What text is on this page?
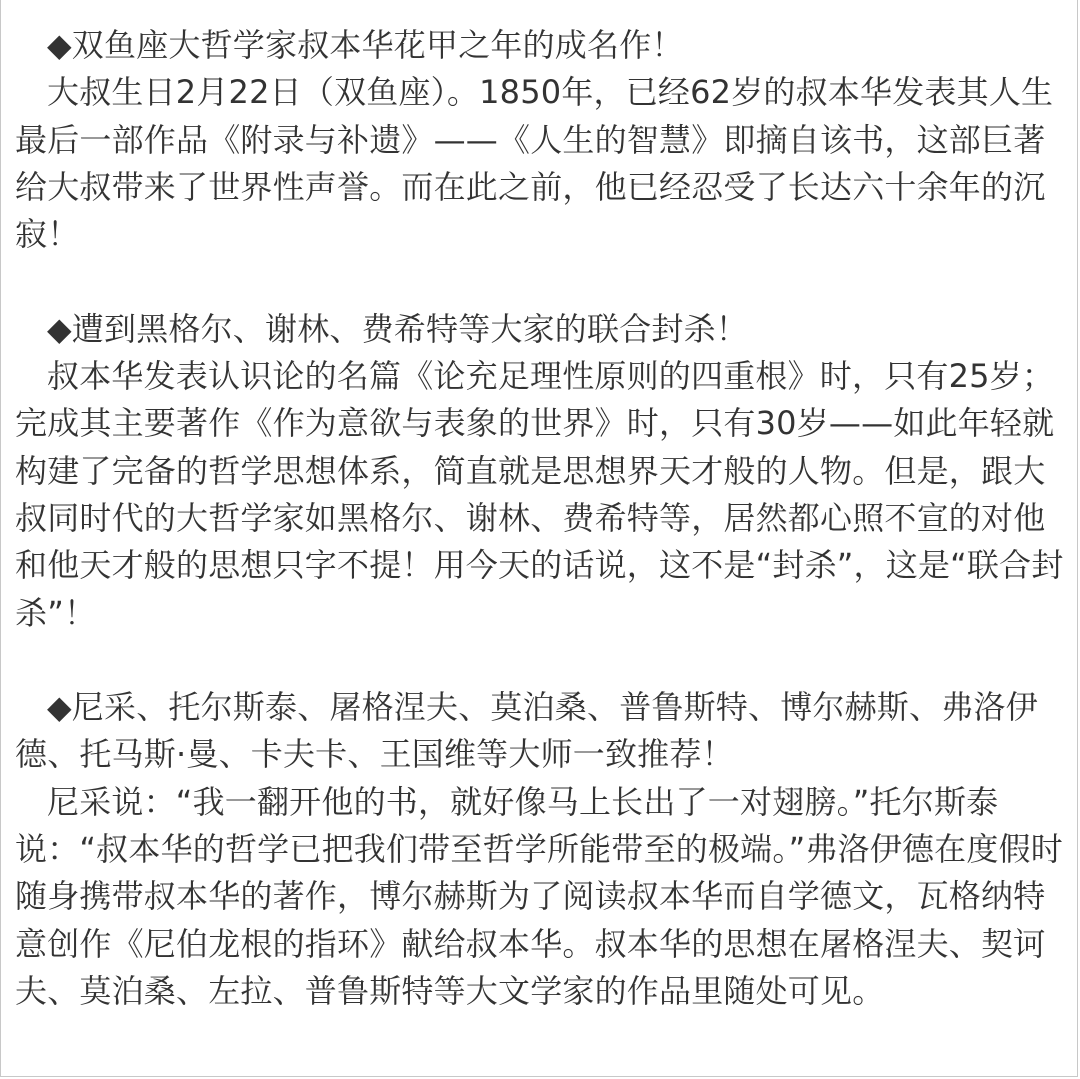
◆双鱼座大哲学家叔本华花甲之年的成名作！

大叔生日2月22日（双鱼座）。1850年，已经62岁的叔本华发表其人生最后一部作品《附录与补遗》——《人生的智慧》即摘自该书，这部巨著给大叔带来了世界性声誉。而在此之前，他已经忍受了长达六十余年的沉寂！

◆遭到黑格尔、谢林、费希特等大家的联合封杀！

叔本华发表认识论的名篇《论充足理性原则的四重根》时，只有25岁；完成其主要著作《作为意欲与表象的世界》时，只有30岁——如此年轻就构建了完备的哲学思想体系，简直就是思想界天才般的人物。但是，跟大叔同时代的大哲学家如黑格尔、谢林、费希特等，居然都心照不宣的对他和他天才般的思想只字不提！用今天的话说，这不是“封杀”，这是“联合封杀”！

◆尼采、托尔斯泰、屠格涅夫、莫泊桑、普鲁斯特、博尔赫斯、弗洛伊德、托马斯·曼、卡夫卡、王国维等大师一致推荐！

尼采说：“我一翻开他的书，就好像马上长出了一对翅膀。”托尔斯泰说：“叔本华的哲学已把我们带至哲学所能带至的极端。”弗洛伊德在度假时随身携带叔本华的著作，博尔赫斯为了阅读叔本华而自学德文，瓦格纳特意创作《尼伯龙根的指环》献给叔本华。叔本华的思想在屠格涅夫、契诃夫、莫泊桑、左拉、普鲁斯特等大文学家的作品里随处可见。
